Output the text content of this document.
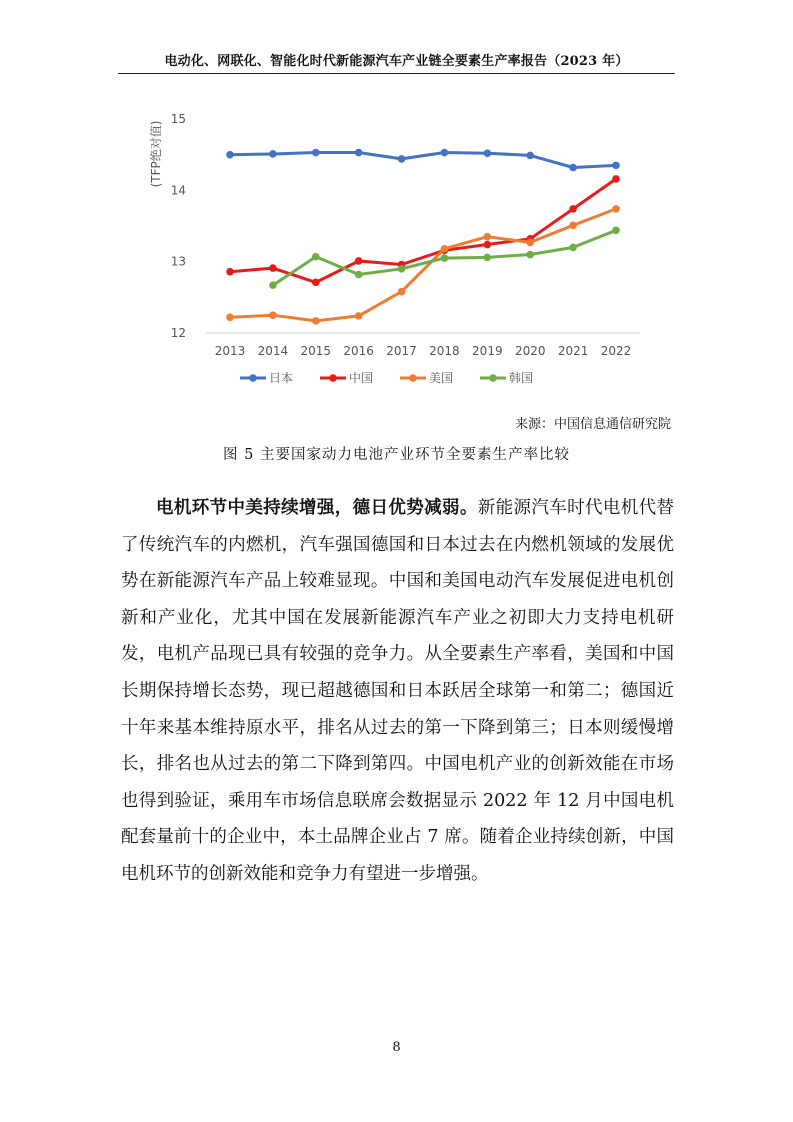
电动化、网联化、智能化时代新能源汽车产业链全要素生产率报告（2023 年）
12
13
14
15
(TFP绝对值)
2013 2014 2015 2016 2017 2018 2019 2020 2021 2022
日本	中国	美国	韩国
来源：中国信息通信研究院
图 5 主要国家动力电池产业环节全要素生产率比较

电机环节中美持续增强，德日优势减弱。新能源汽车时代电机代替了传统汽车的内燃机，汽车强国德国和日本过去在内燃机领域的发展优势在新能源汽车产品上较难显现。中国和美国电动汽车发展促进电机创新和产业化，尤其中国在发展新能源汽车产业之初即大力支持电机研发，电机产品现已具有较强的竞争力。从全要素生产率看，美国和中国长期保持增长态势，现已超越德国和日本跃居全球第一和第二；德国近十年来基本维持原水平，排名从过去的第一下降到第三；日本则缓慢增长，排名也从过去的第二下降到第四。中国电机产业的创新效能在市场也得到验证，乘用车市场信息联席会数据显示 2022 年 12 月中国电机配套量前十的企业中，本土品牌企业占 7 席。随着企业持续创新，中国电机环节的创新效能和竞争力有望进一步增强。

8
